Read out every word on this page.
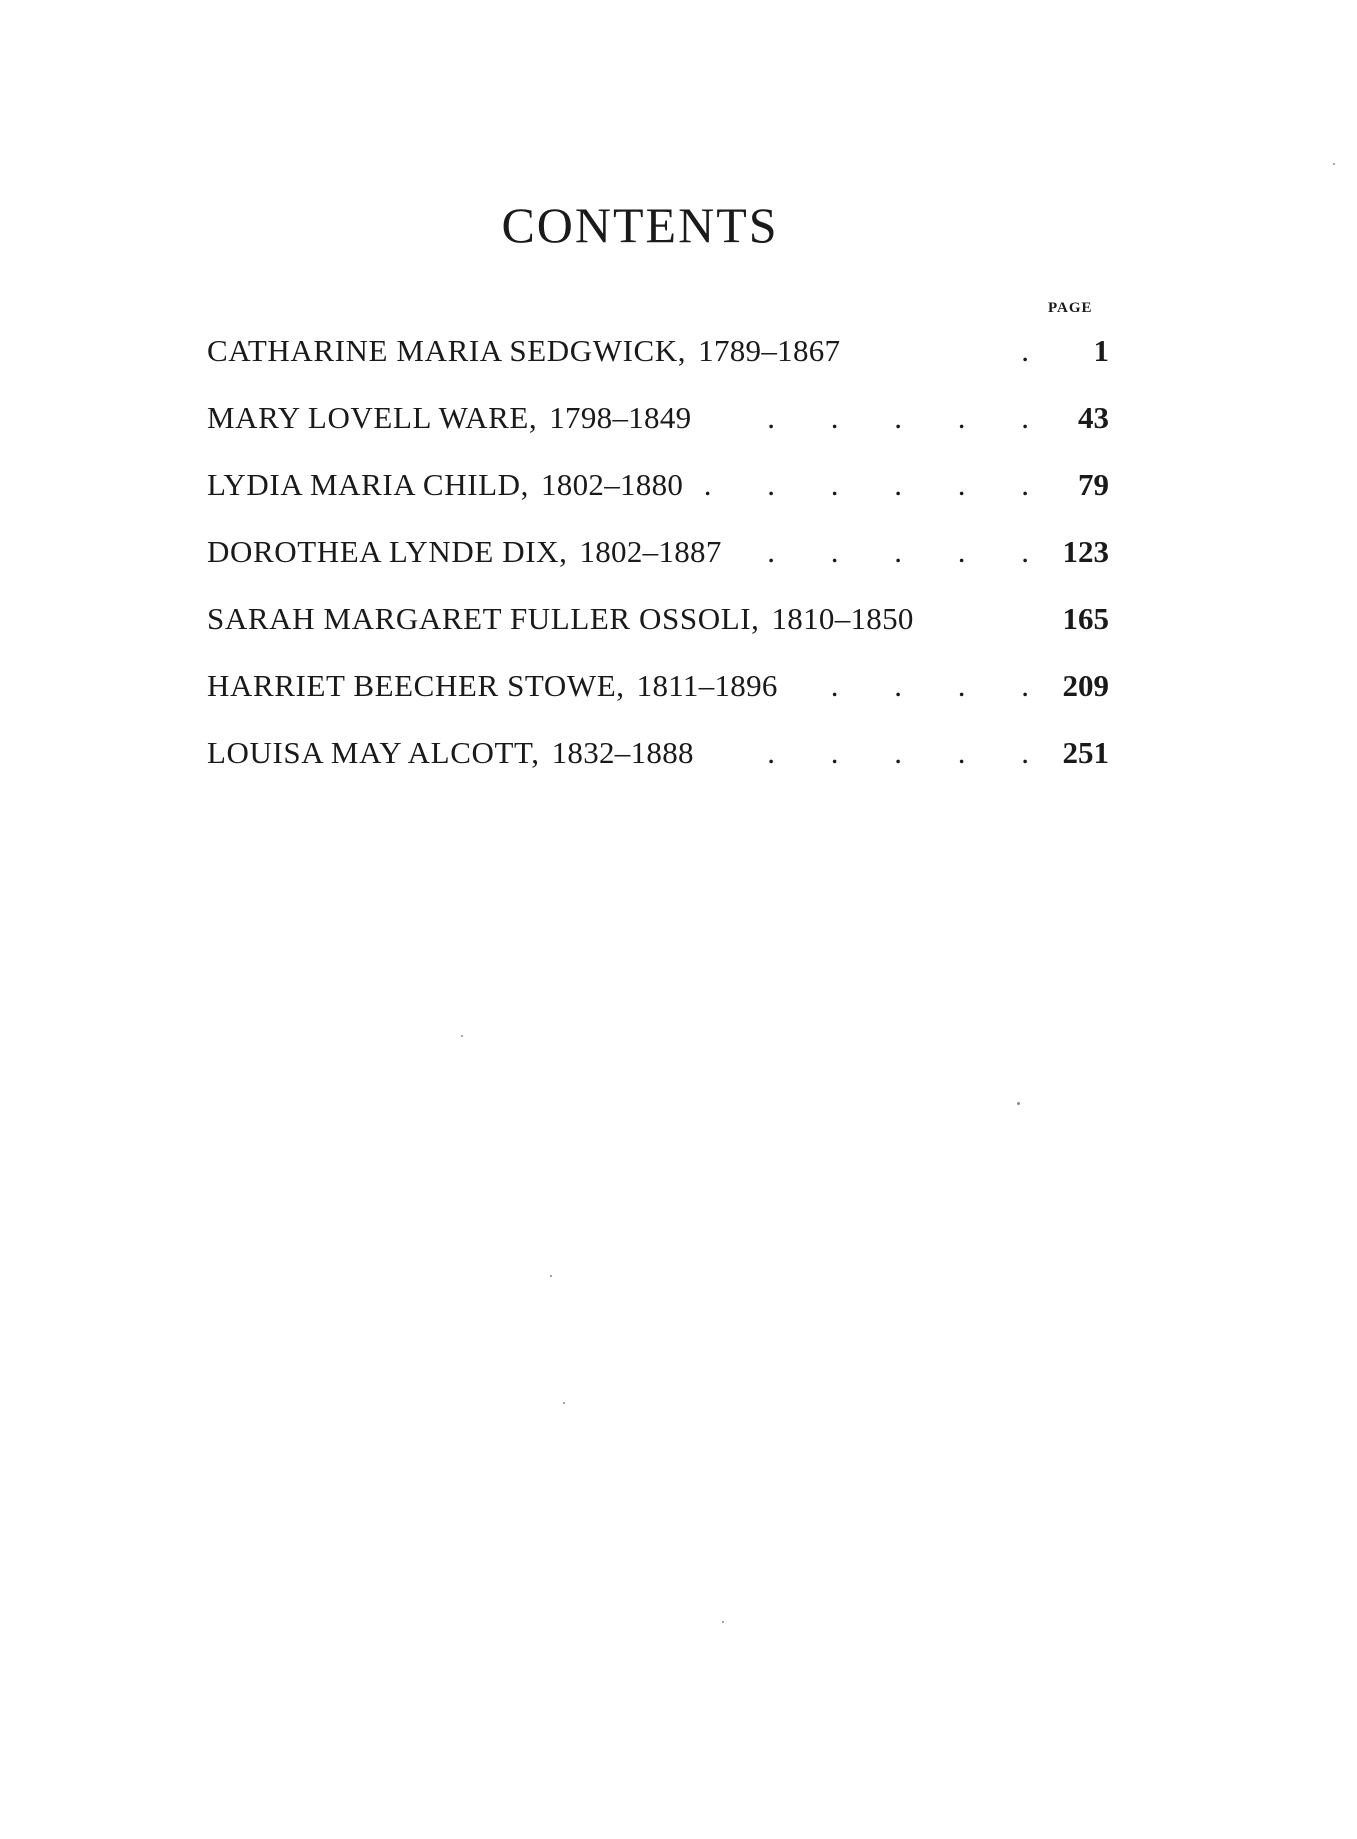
CONTENTS
PAGE
CATHARINE MARIA SEDGWICK, 1789–1867	.	1
MARY LOVELL WARE, 1798–1849	. . . . . 43
LYDIA MARIA CHILD, 1802–1880 . . . . . . 79
DOROTHEA LYNDE DIX, 1802–1887	. . . . . 123
SARAH MARGARET FULLER OSSOLI, 1810–1850	165
HARRIET BEECHER STOWE, 1811–1896	. . . . 209
LOUISA MAY ALCOTT, 1832–1888	. . . . . 251
